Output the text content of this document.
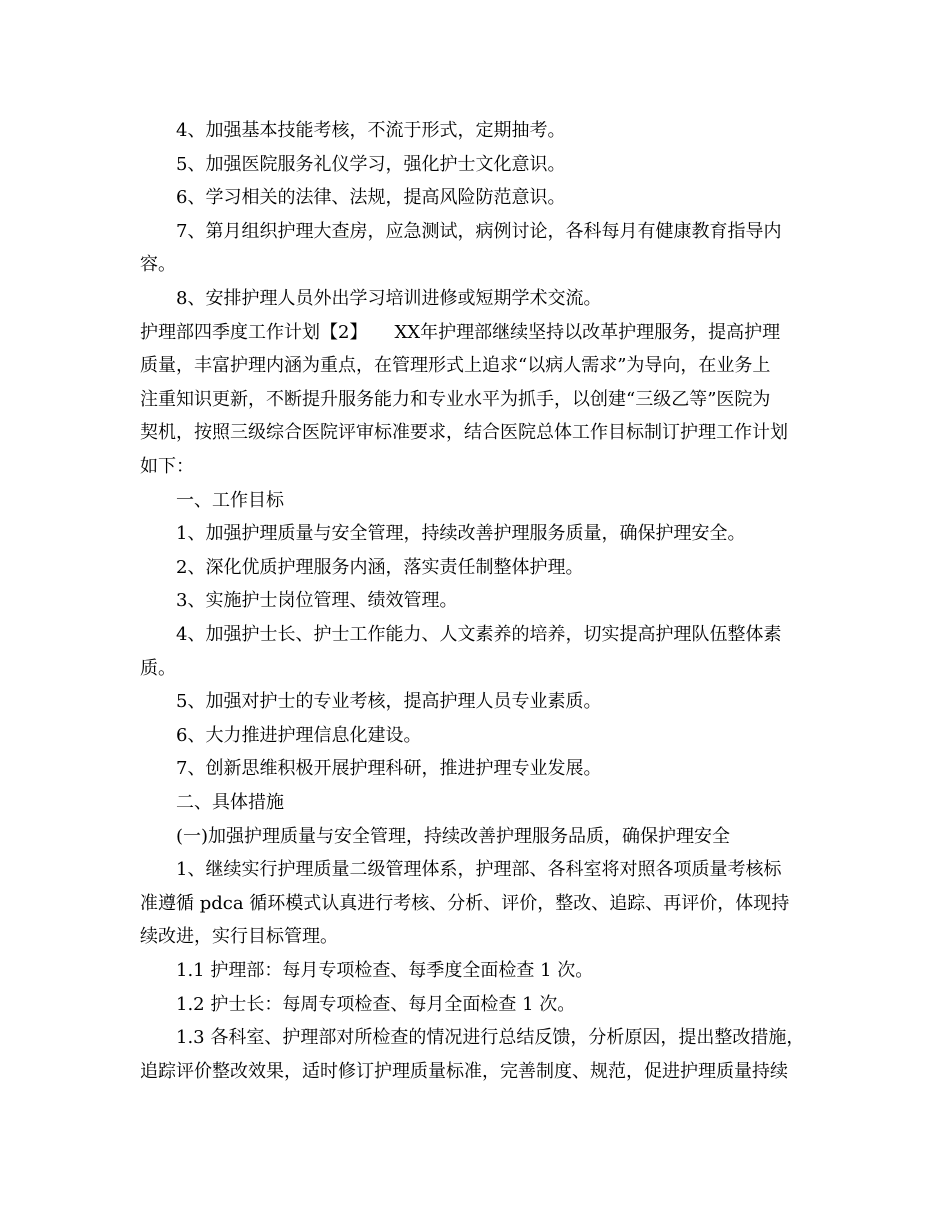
4、加强基本技能考核，不流于形式，定期抽考。
5、加强医院服务礼仪学习，强化护士文化意识。
6、学习相关的法律、法规，提高风险防范意识。
7、第月组织护理大查房，应急测试，病例讨论，各科每月有健康教育指导内
容。
8、安排护理人员外出学习培训进修或短期学术交流。
护理部四季度工作计划【2】　　XX年护理部继续坚持以改革护理服务，提高护理
质量，丰富护理内涵为重点，在管理形式上追求“以病人需求”为导向，在业务上
注重知识更新，不断提升服务能力和专业水平为抓手，以创建“三级乙等”医院为
契机，按照三级综合医院评审标准要求，结合医院总体工作目标制订护理工作计划
如下：
一、工作目标
1、加强护理质量与安全管理，持续改善护理服务质量，确保护理安全。
2、深化优质护理服务内涵，落实责任制整体护理。
3、实施护士岗位管理、绩效管理。
4、加强护士长、护士工作能力、人文素养的培养，切实提高护理队伍整体素
质。
5、加强对护士的专业考核，提高护理人员专业素质。
6、大力推进护理信息化建设。
7、创新思维积极开展护理科研，推进护理专业发展。
二、具体措施
(一)加强护理质量与安全管理，持续改善护理服务品质，确保护理安全
1、继续实行护理质量二级管理体系，护理部、各科室将对照各项质量考核标
准遵循 pdca 循环模式认真进行考核、分析、评价，整改、追踪、再评价，体现持
续改进，实行目标管理。
1.1 护理部：每月专项检查、每季度全面检查 1 次。
1.2 护士长：每周专项检查、每月全面检查 1 次。
1.3 各科室、护理部对所检查的情况进行总结反馈，分析原因，提出整改措施，
追踪评价整改效果，适时修订护理质量标准，完善制度、规范，促进护理质量持续
